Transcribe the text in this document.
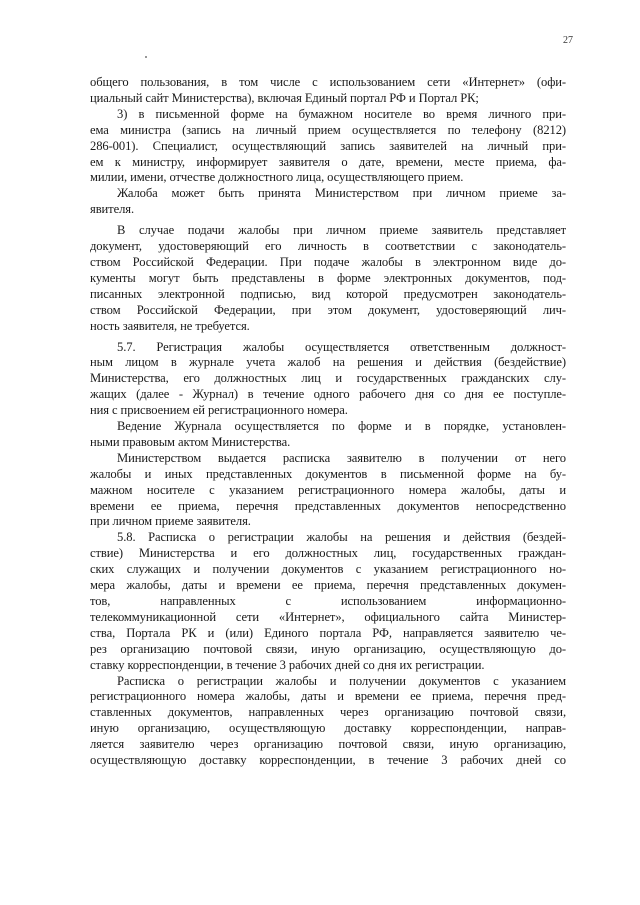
27
общего пользования, в том числе с использованием сети «Интернет» (офи-
циальный сайт Министерства), включая Единый портал РФ и Портал РК;
3) в письменной форме на бумажном носителе во время личного при-
ема министра (запись на личный прием осуществляется по телефону (8212)
286-001). Специалист, осуществляющий запись заявителей на личный при-
ем к министру, информирует заявителя о дате, времени, месте приема, фа-
милии, имени, отчестве должностного лица, осуществляющего прием.
Жалоба может быть принята Министерством при личном приеме за-
явителя.
В случае подачи жалобы при личном приеме заявитель представляет
документ, удостоверяющий его личность в соответствии с законодатель-
ством Российской Федерации. При подаче жалобы в электронном виде до-
кументы могут быть представлены в форме электронных документов, под-
писанных электронной подписью, вид которой предусмотрен законодатель-
ством Российской Федерации, при этом документ, удостоверяющий лич-
ность заявителя, не требуется.
5.7. Регистрация жалобы осуществляется ответственным должност-
ным лицом в журнале учета жалоб на решения и действия (бездействие)
Министерства, его должностных лиц и государственных гражданских слу-
жащих (далее - Журнал) в течение одного рабочего дня со дня ее поступле-
ния с присвоением ей регистрационного номера.
Ведение Журнала осуществляется по форме и в порядке, установлен-
ными правовым актом Министерства.
Министерством выдается расписка заявителю в получении от него
жалобы и иных представленных документов в письменной форме на бу-
мажном носителе с указанием регистрационного номера жалобы, даты и
времени ее приема, перечня представленных документов непосредственно
при личном приеме заявителя.
5.8. Расписка о регистрации жалобы на решения и действия (бездей-
ствие) Министерства и его должностных лиц, государственных граждан-
ских служащих и получении документов с указанием регистрационного но-
мера жалобы, даты и времени ее приема, перечня представленных докумен-
тов, направленных с использованием информационно-
телекоммуникационной сети «Интернет», официального сайта Министер-
ства, Портала РК и (или) Единого портала РФ, направляется заявителю че-
рез организацию почтовой связи, иную организацию, осуществляющую до-
ставку корреспонденции, в течение 3 рабочих дней со дня их регистрации.
Расписка о регистрации жалобы и получении документов с указанием
регистрационного номера жалобы, даты и времени ее приема, перечня пред-
ставленных документов, направленных через организацию почтовой связи,
иную организацию, осуществляющую доставку корреспонденции, направ-
ляется заявителю через организацию почтовой связи, иную организацию,
осуществляющую доставку корреспонденции, в течение 3 рабочих дней со
